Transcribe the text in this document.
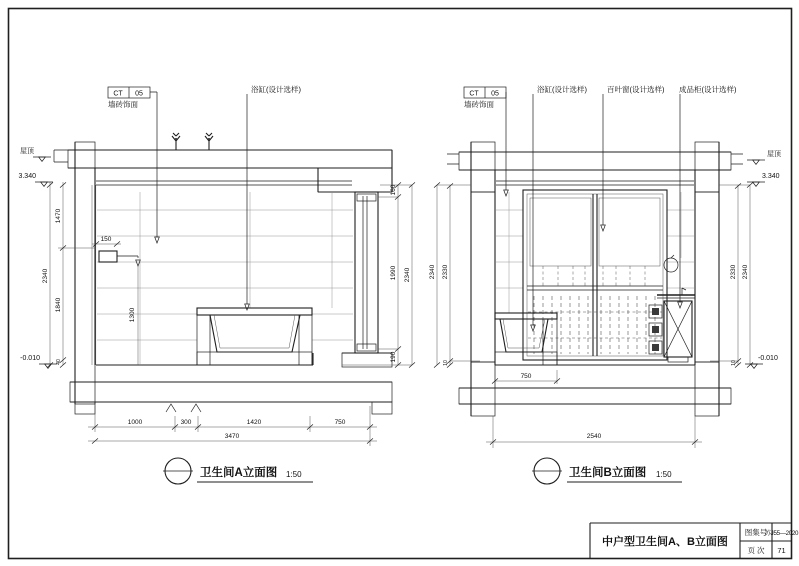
CT 05
墙砖饰面
浴缸(设计选样)
1300
150
屋顶
3.340
-0.010
2340
1470
1840
40
160
1990
190
2340
1000	300	1420	750
3470
卫生间A立面图 1:50
CT 05
墙砖饰面
浴缸(设计选样)	百叶窗(设计选样) 成品柜(设计选样)
2340 2330
10
2330
10
2340
屋顶
3.340
-0.010
750
2540
卫生间B立面图 1:50
中户型卫生间A、B立面图
图集号
苏J55—2020
页 次 71
